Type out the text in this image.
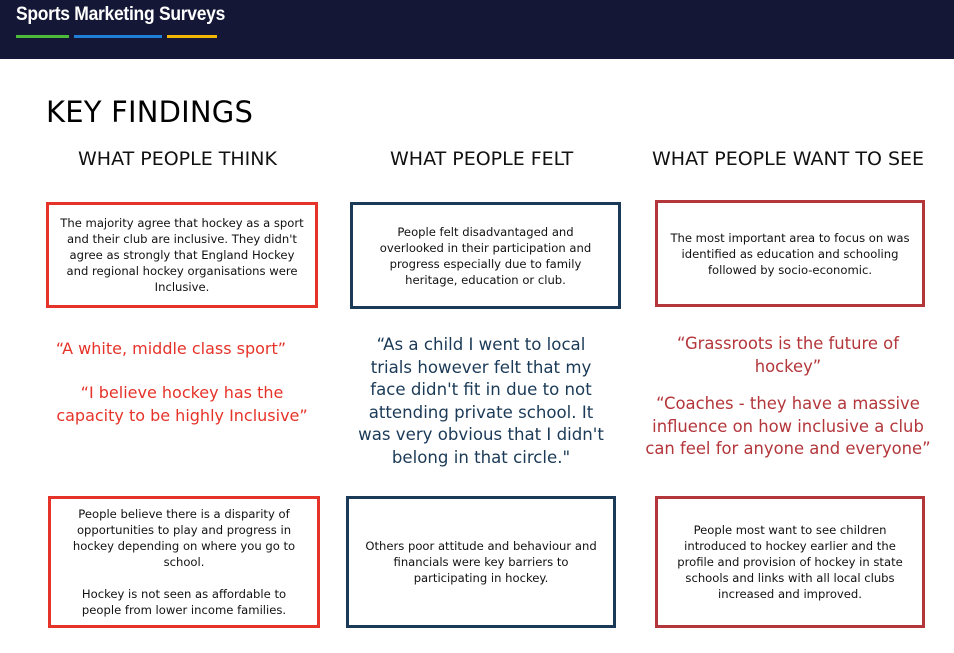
Sports Marketing Surveys
KEY FINDINGS
WHAT PEOPLE THINK

The majority agree that hockey as a sport and their club are inclusive. They didn't agree as strongly that England Hockey and regional hockey organisations were Inclusive.

“A white, middle class sport”

“I believe hockey has the capacity to be highly Inclusive”

People believe there is a disparity of opportunities to play and progress in hockey depending on where you go to school.

Hockey is not seen as affordable to people from lower income families.

WHAT PEOPLE FELT

People felt disadvantaged and overlooked in their participation and progress especially due to family heritage, education or club.

“As a child I went to local trials however felt that my face didn't fit in due to not attending private school. It was very obvious that I didn't belong in that circle."

Others poor attitude and behaviour and financials were key barriers to participating in hockey.

WHAT PEOPLE WANT TO SEE

The most important area to focus on was identified as education and schooling followed by socio-economic.

“Grassroots is the future of hockey”

“Coaches - they have a massive influence on how inclusive a club can feel for anyone and everyone”

People most want to see children introduced to hockey earlier and the profile and provision of hockey in state schools and links with all local clubs increased and improved.
